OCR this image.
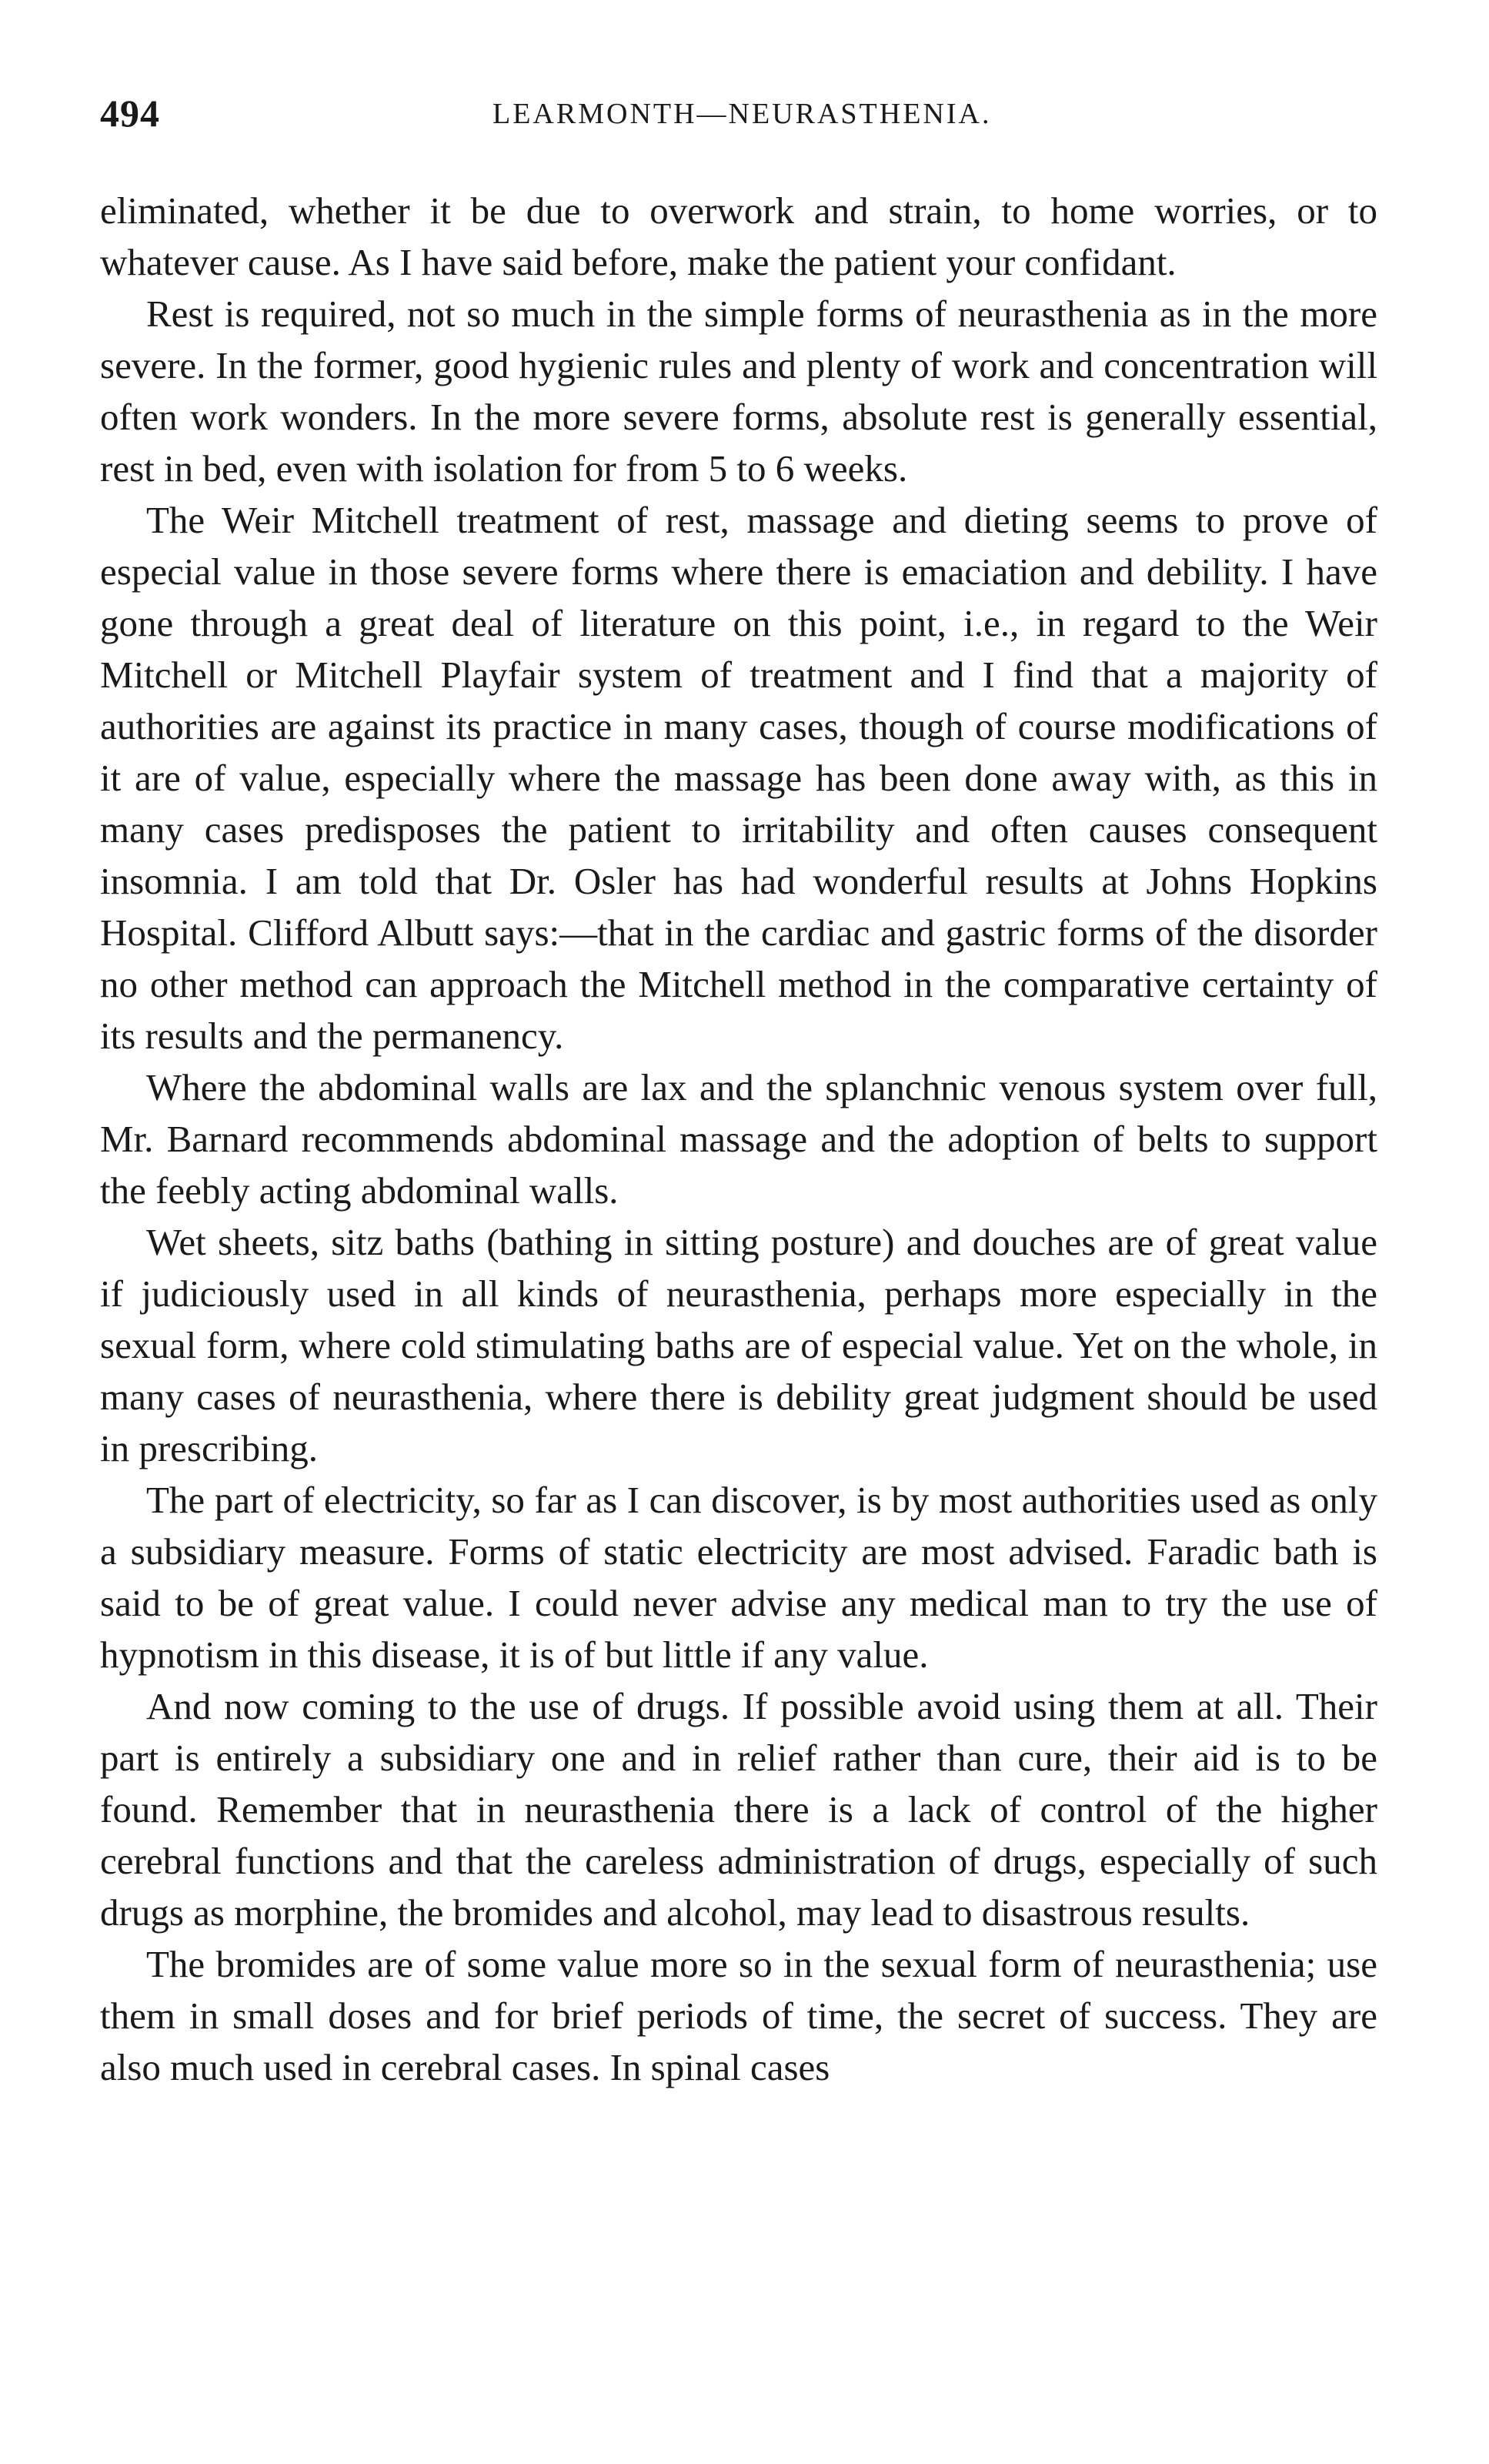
494	LEARMONTH—NEURASTHENIA.

eliminated, whether it be due to overwork and strain, to home worries, or to whatever cause. As I have said before, make the patient your confidant.

Rest is required, not so much in the simple forms of neurasthenia as in the more severe. In the former, good hygienic rules and plenty of work and concentration will often work wonders. In the more severe forms, absolute rest is generally essential, rest in bed, even with isolation for from 5 to 6 weeks.

The Weir Mitchell treatment of rest, massage and dieting seems to prove of especial value in those severe forms where there is emaciation and debility. I have gone through a great deal of literature on this point, i.e., in regard to the Weir Mitchell or Mitchell Playfair system of treatment and I find that a majority of authorities are against its practice in many cases, though of course modifications of it are of value, especially where the massage has been done away with, as this in many cases predisposes the patient to irritability and often causes consequent insomnia. I am told that Dr. Osler has had wonderful results at Johns Hopkins Hospital. Clifford Albutt says:—that in the cardiac and gastric forms of the disorder no other method can approach the Mitchell method in the comparative certainty of its results and the permanency.

Where the abdominal walls are lax and the splanchnic venous system over full, Mr. Barnard recommends abdominal massage and the adoption of belts to support the feebly acting abdominal walls.

Wet sheets, sitz baths (bathing in sitting posture) and douches are of great value if judiciously used in all kinds of neurasthenia, perhaps more especially in the sexual form, where cold stimulating baths are of especial value. Yet on the whole, in many cases of neurasthenia, where there is debility great judgment should be used in prescribing.

The part of electricity, so far as I can discover, is by most authorities used as only a subsidiary measure. Forms of static electricity are most advised. Faradic bath is said to be of great value. I could never advise any medical man to try the use of hypnotism in this disease, it is of but little if any value.

And now coming to the use of drugs. If possible avoid using them at all. Their part is entirely a subsidiary one and in relief rather than cure, their aid is to be found. Remember that in neurasthenia there is a lack of control of the higher cerebral functions and that the careless administration of drugs, especially of such drugs as morphine, the bromides and alcohol, may lead to disastrous results.

The bromides are of some value more so in the sexual form of neurasthenia; use them in small doses and for brief periods of time, the secret of success. They are also much used in cerebral cases. In spinal cases
